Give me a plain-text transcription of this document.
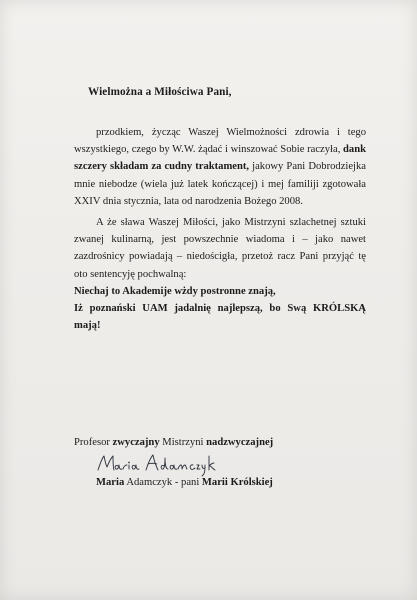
Wielmożna a Miłościwa Pani,

przodkiem, życząc Waszej Wielmożności zdrowia i tego wszystkiego, czego by W.W. żądać i winszować Sobie raczyła, dank szczery składam za cudny traktament, jakowy Pani Dobrodziejka mnie niebodze (wiela już latek kończącej) i mej familiji zgotowała XXIV dnia stycznia, lata od narodzenia Bożego 2008.

A że sława Waszej Miłości, jako Mistrzyni szlachetnej sztuki zwanej kulinarną, jest powszechnie wiadoma i – jako nawet zazdrośnicy powiadają – niedościgła, przetoż racz Pani przyjąć tę oto sentencyję pochwalną:

Niechaj to Akademije wżdy postronne znają,

Iż poznański UAM jadalnię najlepszą, bo Swą KRÓLSKĄ mają!

Profesor zwyczajny Mistrzyni nadzwyczajnej
Maria Adamczyk - pani Marii Królskiej
